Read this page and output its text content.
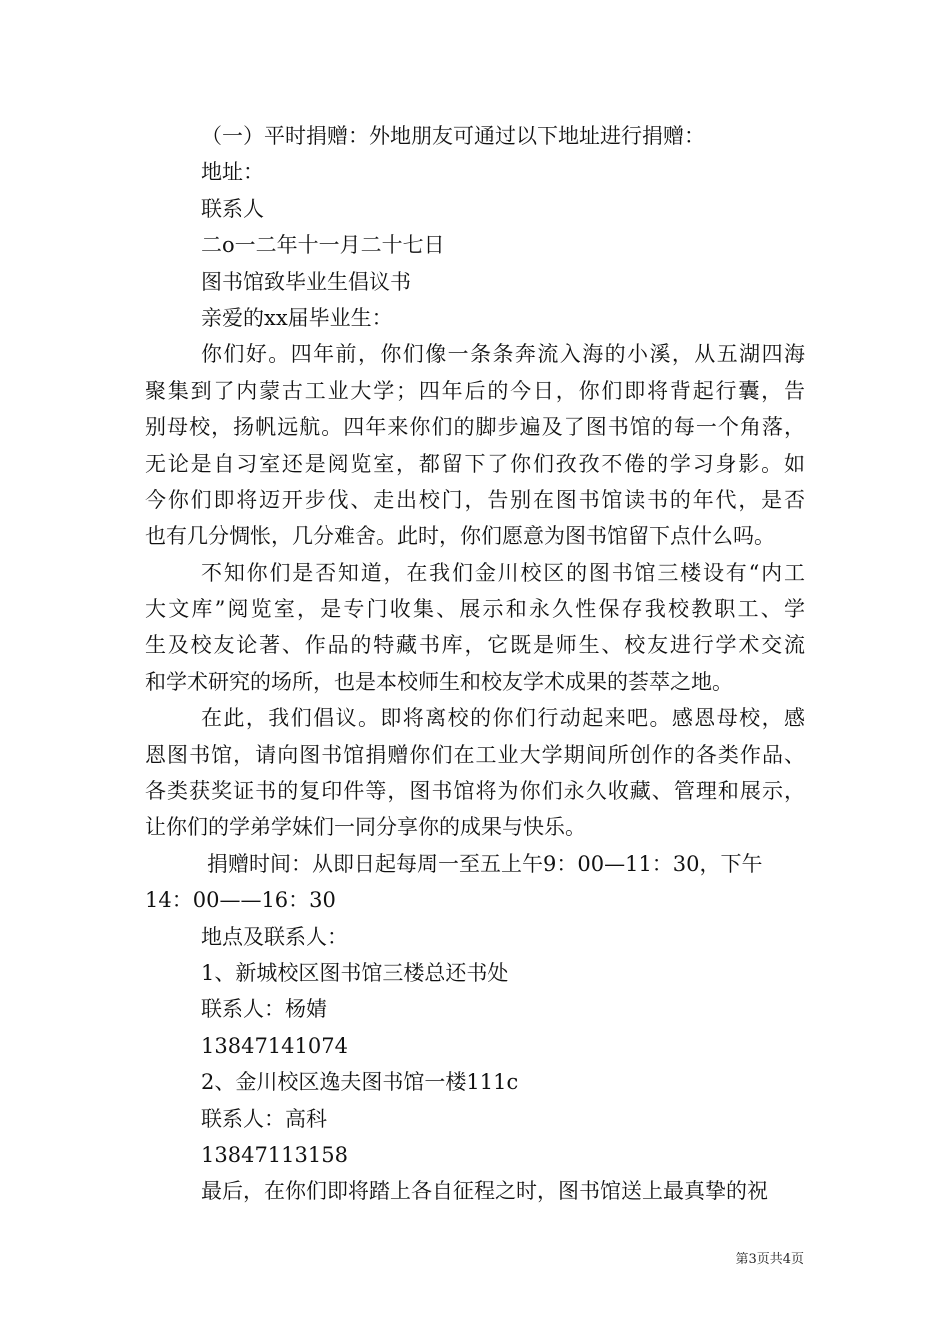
（一）平时捐赠：外地朋友可通过以下地址进行捐赠：
地址：
联系人
二o一二年十一月二十七日
图书馆致毕业生倡议书
亲爱的xx届毕业生：
你们好。四年前，你们像一条条奔流入海的小溪，从五湖四海
聚集到了内蒙古工业大学；四年后的今日，你们即将背起行囊，告
别母校，扬帆远航。四年来你们的脚步遍及了图书馆的每一个角落，
无论是自习室还是阅览室，都留下了你们孜孜不倦的学习身影。如
今你们即将迈开步伐、走出校门，告别在图书馆读书的年代，是否
也有几分惆怅，几分难舍。此时，你们愿意为图书馆留下点什么吗。
不知你们是否知道，在我们金川校区的图书馆三楼设有“内工
大文库”阅览室，是专门收集、展示和永久性保存我校教职工、学
生及校友论著、作品的特藏书库，它既是师生、校友进行学术交流
和学术研究的场所，也是本校师生和校友学术成果的荟萃之地。
在此，我们倡议。即将离校的你们行动起来吧。感恩母校，感
恩图书馆，请向图书馆捐赠你们在工业大学期间所创作的各类作品、
各类获奖证书的复印件等，图书馆将为你们永久收藏、管理和展示，
让你们的学弟学妹们一同分享你的成果与快乐。
捐赠时间：从即日起每周一至五上午9：00—11：30，下午
14：00——16：30
地点及联系人：
1、新城校区图书馆三楼总还书处
联系人：杨婧
13847141074
2、金川校区逸夫图书馆一楼111c
联系人：高科
13847113158
最后，在你们即将踏上各自征程之时，图书馆送上最真挚的祝
第3页共4页
